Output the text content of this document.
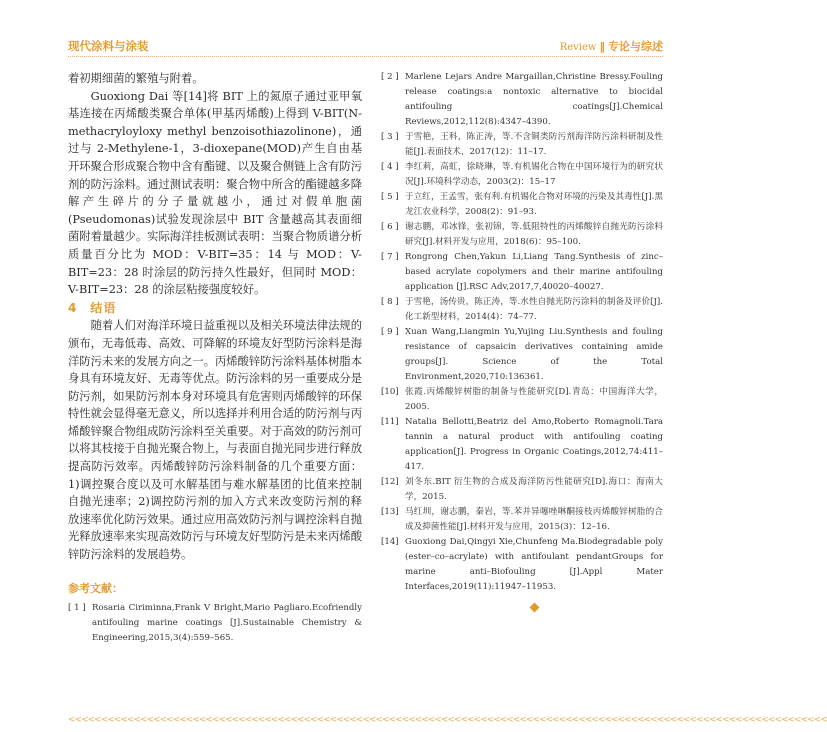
现代涂料与涂装	Review ‖ 专论与综述

着初期细菌的繁殖与附着。

Guoxiong Dai 等[14]将 BIT 上的氮原子通过亚甲氧基连接在丙烯酸类聚合单体(甲基丙烯酸)上得到 V-BIT(N-methacryloyloxy methyl benzoisothiazolinone)，通过与 2-Methylene-1，3-dioxepane(MOD)产生自由基开环聚合形成聚合物中含有酯键、以及聚合侧链上含有防污剂的防污涂料。通过测试表明：聚合物中所含的酯键越多降解产生碎片的分子量就越小，通过对假单胞菌(Pseudomonas)试验发现涂层中 BIT 含量越高其表面细菌附着量越少。实际海洋挂板测试表明：当聚合物质谱分析质量百分比为 MOD：V-BIT=35：14 与 MOD：V-BIT=23：28 时涂层的防污持久性最好，但同时 MOD：V-BIT=23：28 的涂层粘接强度较好。

4　结语

随着人们对海洋环境日益重视以及相关环境法律法规的颁布，无毒低毒、高效、可降解的环境友好型防污涂料是海洋防污未来的发展方向之一。丙烯酸锌防污涂料基体树脂本身具有环境友好、无毒等优点。防污涂料的另一重要成分是防污剂，如果防污剂本身对环境具有危害则丙烯酸锌的环保特性就会显得毫无意义，所以选择并利用合适的防污剂与丙烯酸锌聚合物组成防污涂料至关重要。对于高效的防污剂可以将其枝接于自抛光聚合物上，与表面自抛光同步进行释放提高防污效率。丙烯酸锌防污涂料制备的几个重要方面：1)调控聚合度以及可水解基团与难水解基团的比值来控制自抛光速率；2)调控防污剂的加入方式来改变防污剂的释放速率优化防污效果。通过应用高效防污剂与调控涂料自抛光释放速率来实现高效防污与环境友好型防污是未来丙烯酸锌防污涂料的发展趋势。

参考文献：
[ 1 ] Rosaria Ciriminna,Frank V Bright,Mario Pagliaro.Ecofriendly antifouling marine coatings [J].Sustainable Chemistry & Engineering,2015,3(4):559–565.
[ 2 ] Marlene Lejars Andre Margaillan,Christine Bressy.Fouling release coatings:a nontoxic alternative to biocidal antifouling coatings[J].Chemical Reviews,2012,112(8):4347–4390.
[ 3 ] 于雪艳，王科，陈正涛，等.不含铜类防污剂海洋防污涂料研制及性能[J].表面技术，2017(12)：11–17.
[ 4 ] 李红莉，高虹，徐晓琳，等.有机锡化合物在中国环境行为的研究状况[J].环境科学动态，2003(2)：15–17
[ 5 ] 于立红，王孟雪，张有利.有机锡化合物对环境的污染及其毒性[J].黑龙江农业科学，2008(2)：91–93.
[ 6 ] 谢志鹏，邓冰锋，张初锦，等.低阻特性的丙烯酸锌自抛光防污涂料研究[J].材料开发与应用，2018(6)：95–100.
[ 7 ] Rongrong Chen,Yakun Li,Liang Tang.Synthesis of zinc–based acrylate copolymers and their marine antifouling application [J].RSC Adv,2017,7,40020–40027.
[ 8 ] 于雪艳，汤传贵，陈正涛，等.水性自抛光防污涂料的制备及评价[J].化工新型材料，2014(4)：74–77.
[ 9 ] Xuan Wang,Liangmin Yu,Yujing Liu.Synthesis and fouling resistance of capsaicin derivatives containing amide groups[J]. Science of the Total Environment,2020,710:136361.
[10] 张霞.丙烯酸锌树脂的制备与性能研究[D].青岛：中国海洋大学，2005.
[11] Natalia Bellotti,Beatriz del Amo,Roberto Romagnoli.Tara tannin a natural product with antifouling coating application[J]. Progress in Organic Coatings,2012,74:411–417.
[12] 刘冬东.BIT 衍生物的合成及海洋防污性能研究[D].海口：海南大学，2015.
[13] 马红圳，谢志鹏，秦岩，等.苯并异噻唑啉酮接枝丙烯酸锌树脂的合成及抑菌性能[J].材料开发与应用，2015(3)：12–16.
[14] Guoxiong Dai,Qingyi Xie,Chunfeng Ma.Biodegradable poly (ester–co–acrylate) with antifoulant pendantGroups for marine anti–Biofouling [J].Appl Mater Interfaces,2019(11):11947–11953.
<<<<<<<<<<<<<<<<<<<<<<<<<<<<<<<<<<<<<<<<<<<<<<<<<<<<<<<<<<<<<<<<<<<<<<<<<<<<<<<<<<<<<<<<<<<<<<<<<<<<<<<<<<<<<<<<<<<<
